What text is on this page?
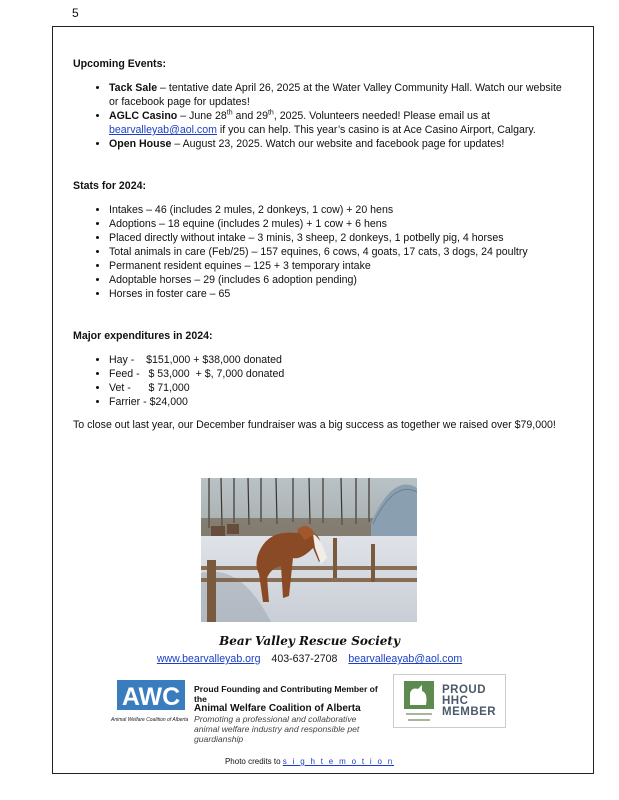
5

Upcoming Events:

• Tack Sale – tentative date April 26, 2025 at the Water Valley Community Hall. Watch our website or facebook page for updates!
• AGLC Casino – June 28th and 29th, 2025. Volunteers needed! Please email us at bearvalleyab@aol.com if you can help. This year’s casino is at Ace Casino Airport, Calgary.
• Open House – August 23, 2025. Watch our website and facebook page for updates!

Stats for 2024:

• Intakes – 46 (includes 2 mules, 2 donkeys, 1 cow) + 20 hens
• Adoptions – 18 equine (includes 2 mules) + 1 cow + 6 hens
• Placed directly without intake – 3 minis, 3 sheep, 2 donkeys, 1 potbelly pig, 4 horses
• Total animals in care (Feb/25) – 157 equines, 6 cows, 4 goats, 17 cats, 3 dogs, 24 poultry
• Permanent resident equines – 125 + 3 temporary intake
• Adoptable horses – 29 (includes 6 adoption pending)
• Horses in foster care – 65

Major expenditures in 2024:

• Hay -    $151,000 + $38,000 donated
• Feed -   $ 53,000  + $, 7,000 donated
• Vet -      $ 71,000
• Farrier - $24,000

To close out last year, our December fundraiser was a big success as together we raised over $79,000!

Bear Valley Rescue Society
www.bearvalleyab.org 403-637-2708 bearvalleayab@aol.com
AWC
Animal Welfare Coalition of Alberta
Proud Founding and Contributing Member of the
Animal Welfare Coalition of Alberta
Promoting a professional and collaborative animal welfare industry and responsible pet guardianship
PROUD
HHC
MEMBER
Photo credits to s i g h t e m o t i o n
